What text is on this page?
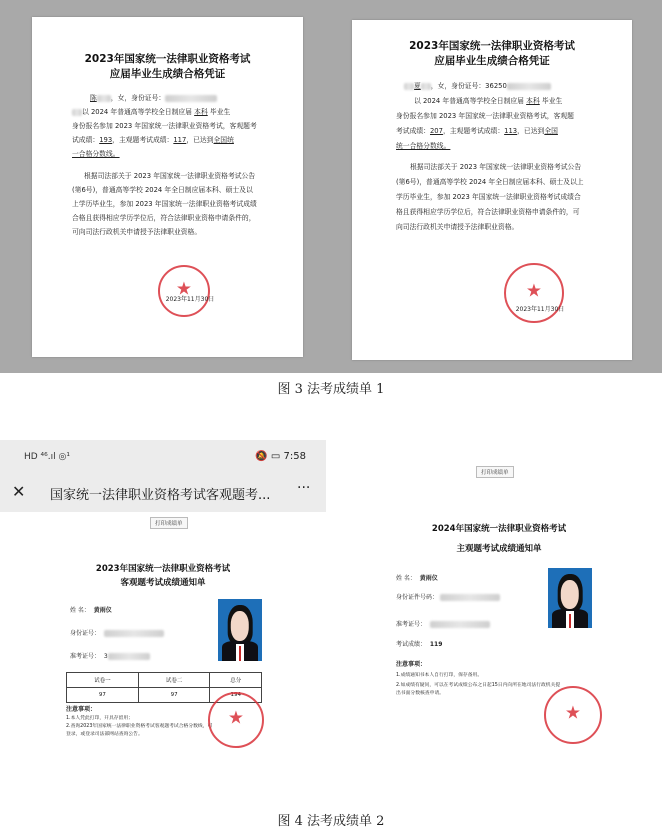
2023年国家统一法律职业资格考试
应届毕业生成绩合格凭证
陈 ，女，身份证号：
以 2024 年普通高等学校全日制应届 本科 毕业生
身份报名参加 2023 年国家统一法律职业资格考试，客观题考
试成绩：193，主观题考试成绩：117，已达到全国统
一合格分数线。
根据司法部关于 2023 年国家统一法律职业资格考试公告
(第6号)，普通高等学校 2024 年全日制应届本科、硕士及以
上学历毕业生，参加 2023 年国家统一法律职业资格考试成绩
合格且获得相应学历学位后，符合法律职业资格申请条件的，
可向司法行政机关申请授予法律职业资格。
★
2023年11月30日
2023年国家统一法律职业资格考试
应届毕业生成绩合格凭证
夏 ，女，身份证号：36250
以 2024 年普通高等学校全日制应届 本科 毕业生
身份报名参加 2023 年国家统一法律职业资格考试，客观题
考试成绩：207，主观题考试成绩：113，已达到全国
统一合格分数线。
根据司法部关于 2023 年国家统一法律职业资格考试公告
(第6号)，普通高等学校 2024 年全日制应届本科、硕士及以上
学历毕业生，参加 2023 年国家统一法律职业资格考试成绩合
格且获得相应学历学位后，符合法律职业资格申请条件的，可
向司法行政机关申请授予法律职业资格。
★
2023年11月30日
图 3 法考成绩单 1
HD ⁴⁶.ıl ◎¹	🔕 ▭ 7:58
✕ 国家统一法律职业资格考试客观题考... ···
打印成绩单
2023年国家统一法律职业资格考试
客观题考试成绩通知单
姓 名： 黄雨仪
身份证号：
准考证号： 3
试卷一	试卷二	总分
97	97	194
注意事项：
1.本人凭此打印，开具存留用；
2.查询2023年国家统一法律职业资格考试客观题考试合格分数线，可
登录，或登录司法部网站查询公告。
★
打印成绩单
2024年国家统一法律职业资格考试
主观题考试成绩通知单
姓 名： 黄雨仪
身份证件号码：
准考证号：
考试成绩： 119
注意事项：
1.成绩通知书本人自行打印，保存备用。
2.如成绩有疑问，可以在考试成绩公布之日起15日内向所在地司法行政机关提
出书面分数核查申请。
★
图 4 法考成绩单 2
